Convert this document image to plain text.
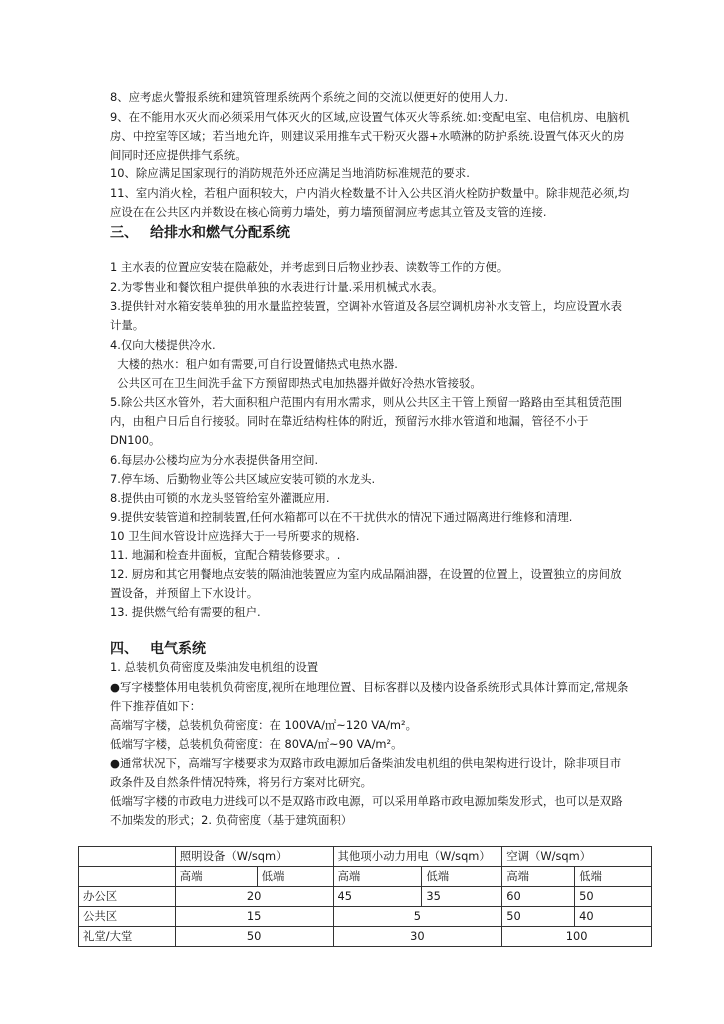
8、应考虑火警报系统和建筑管理系统两个系统之间的交流以便更好的使用人力.

9、在不能用水灭火而必须采用气体灭火的区域,应设置气体灭火等系统.如:变配电室、电信机房、电脑机房、中控室等区域；若当地允许，则建议采用推车式干粉灭火器+水喷淋的防护系统.设置气体灭火的房间同时还应提供排气系统。

10、除应满足国家现行的消防规范外还应满足当地消防标准规范的要求.

11、室内消火栓，若租户面积较大，户内消火栓数量不计入公共区消火栓防护数量中。除非规范必须,均应设在在公共区内并数设在核心筒剪力墙处，剪力墙预留洞应考虑其立管及支管的连接.

三、 给排水和燃气分配系统

1 主水表的位置应安装在隐蔽处，并考虑到日后物业抄表、读数等工作的方便。

2.为零售业和餐饮租户提供单独的水表进行计量.采用机械式水表。

3.提供针对水箱安装单独的用水量监控装置，空调补水管道及各层空调机房补水支管上，均应设置水表计量。

4.仅向大楼提供冷水.

大楼的热水：租户如有需要,可自行设置储热式电热水器.

公共区可在卫生间洗手盆下方预留即热式电加热器并做好冷热水管接驳。

5.除公共区水管外，若大面积租户范围内有用水需求，则从公共区主干管上预留一路路由至其租赁范围内，由租户日后自行接驳。同时在靠近结构柱体的附近，预留污水排水管道和地漏，管径不小于 DN100。

6.每层办公楼均应为分水表提供备用空间.

7.停车场、后勤物业等公共区域应安装可锁的水龙头.

8.提供由可锁的水龙头竖管给室外灌溉应用.

9.提供安装管道和控制装置,任何水箱都可以在不干扰供水的情况下通过隔离进行维修和清理.

10 卫生间水管设计应选择大于一号所要求的规格.

11. 地漏和检查井面板，宜配合精装修要求。.

12. 厨房和其它用餐地点安装的隔油池装置应为室内成品隔油器，在设置的位置上，设置独立的房间放置设备，并预留上下水设计。

13. 提供燃气给有需要的租户.

四、 电气系统

1. 总装机负荷密度及柴油发电机组的设置

●写字楼整体用电装机负荷密度,视所在地理位置、目标客群以及楼内设备系统形式具体计算而定,常规条件下推荐值如下：

高端写字楼，总装机负荷密度：在 100VA/㎡~120 VA/m²。

低端写字楼，总装机负荷密度：在 80VA/㎡~90 VA/m²。

●通常状况下，高端写字楼要求为双路市政电源加后备柴油发电机组的供电架构进行设计，除非项目市政条件及自然条件情况特殊，将另行方案对比研究。

低端写字楼的市政电力进线可以不是双路市政电源，可以采用单路市政电源加柴发形式，也可以是双路不加柴发的形式；2. 负荷密度（基于建筑面积）

	照明设备（W/sqm）		其他项小动力用电（W/sqm）		空调（W/sqm）	
	高端	低端	高端	低端	高端	低端
办公区	20		45	35	60	50
公共区	15		5		50	40
礼堂/大堂	50		30		100	
